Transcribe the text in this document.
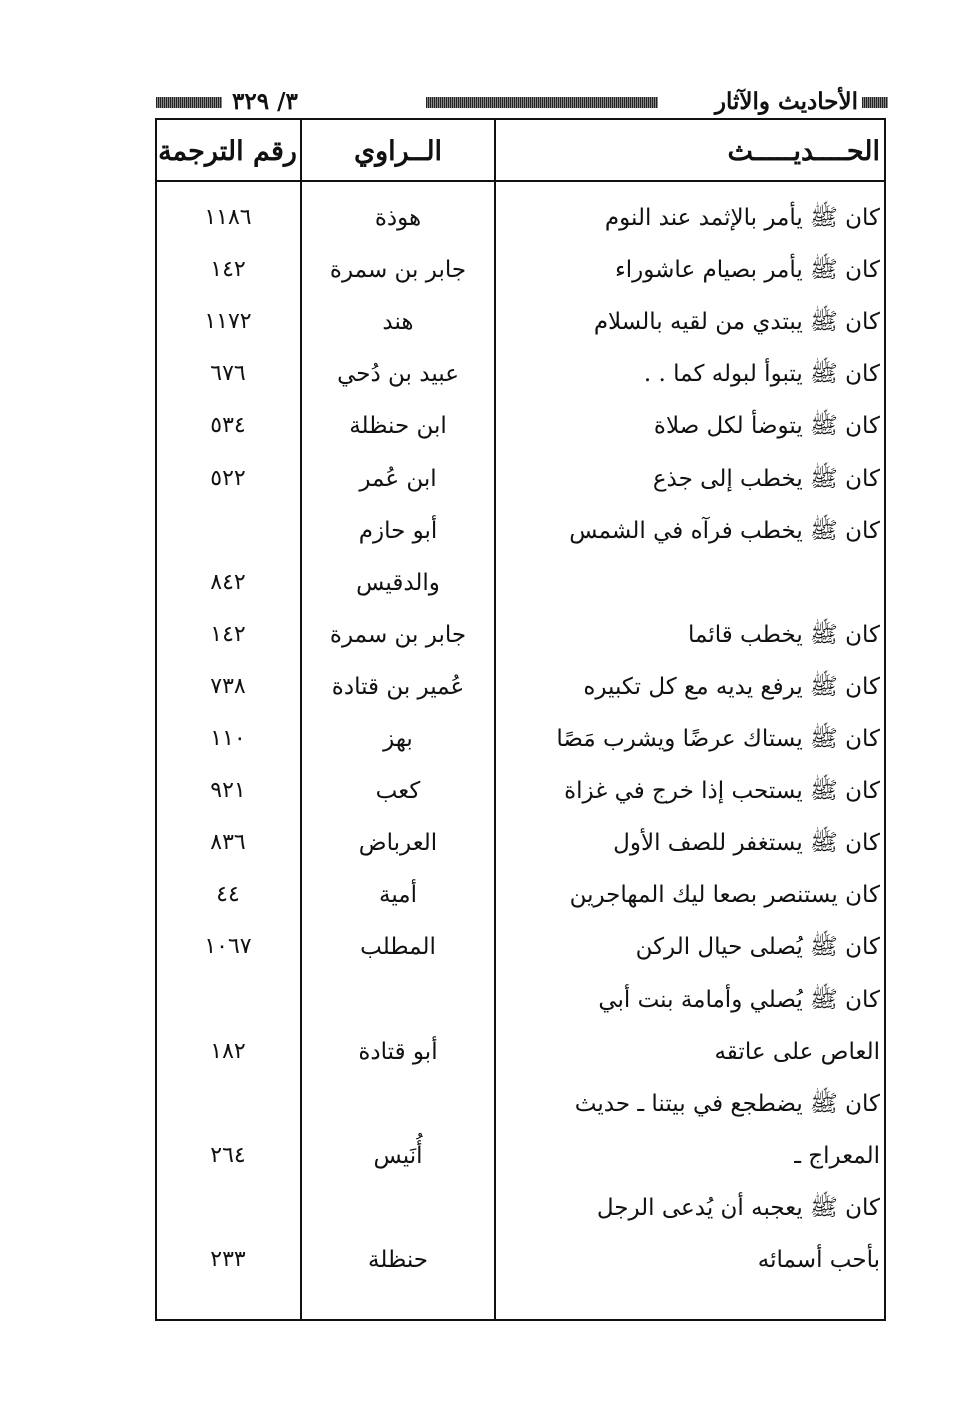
الأحاديث والآثار
٣/ ٣٢٩
الحــــديـــــث
الــراوي
رقم الترجمة
كان ﷺ يأمر بالإثمد عند النوم
هوذة
١١٨٦
كان ﷺ يأمر بصيام عاشوراء
جابر بن سمرة
١٤٢
كان ﷺ يبتدي من لقيه بالسلام
هند
١١٧٢
كان ﷺ يتبوأ لبوله كما . .
عبيد بن دُحي
٦٧٦
كان ﷺ يتوضأ لكل صلاة
ابن حنظلة
٥٣٤
كان ﷺ يخطب إلى جذع
ابن عُمر
٥٢٢
كان ﷺ يخطب فرآه في الشمس
أبو حازم
والدقيس
٨٤٢
كان ﷺ يخطب قائما
جابر بن سمرة
١٤٢
كان ﷺ يرفع يديه مع كل تكبيره
عُمير بن قتادة
٧٣٨
كان ﷺ يستاك عرضًا ويشرب مَصًا
بهز
١١٠
كان ﷺ يستحب إذا خرج في غزاة
كعب
٩٢١
كان ﷺ يستغفر للصف الأول
العرباض
٨٣٦
كان يستنصر بصعا ليك المهاجرين
أمية
٤٤
كان ﷺ يُصلى حيال الركن
المطلب
١٠٦٧
كان ﷺ يُصلي وأمامة بنت أبي
العاص على عاتقه
أبو قتادة
١٨٢
كان ﷺ يضطجع في بيتنا ـ حديث
المعراج ـ
أُنَيس
٢٦٤
كان ﷺ يعجبه أن يُدعى الرجل
بأحب أسمائه
حنظلة
٢٣٣
